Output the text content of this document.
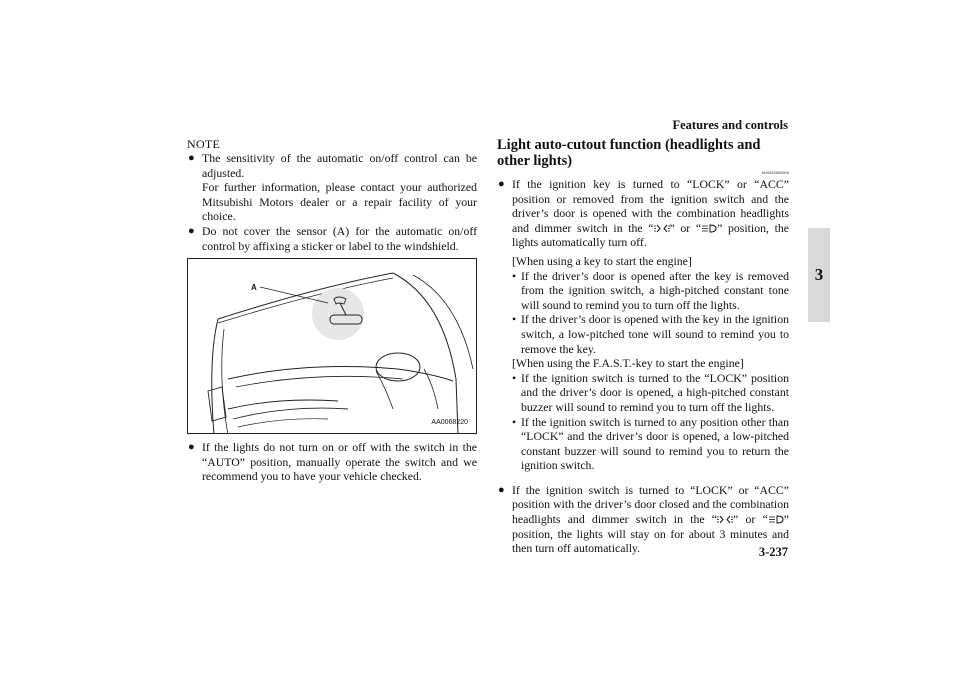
Features and controls
3
NOTE
● The sensitivity of the automatic on/off control can be adjusted.

For further information, please contact your authorized Mitsubishi Motors dealer or a repair facility of your choice.

● Do not cover the sensor (A) for the automatic on/off control by affixing a sticker or label to the windshield.

A
AA0068220
● If the lights do not turn on or off with the switch in the “AUTO” position, manually operate the switch and we recommend you to have your vehicle checked.

Light auto-cutout function (headlights and other lights)

N00532600509
● If the ignition key is turned to “LOCK” or “ACC” position or removed from the ignition switch and the driver’s door is opened with the combination headlights and dimmer switch in the “ ” or “ ” position, the lights automatically turn off.

[When using a key to start the engine]

• If the driver’s door is opened after the key is removed from the ignition switch, a high-pitched constant tone will sound to remind you to turn off the lights.
• If the driver’s door is opened with the key in the ignition switch, a low-pitched tone will sound to remind you to remove the key.

[When using the F.A.S.T.-key to start the engine]

• If the ignition switch is turned to the “LOCK” position and the driver’s door is opened, a high-pitched constant buzzer will sound to remind you to turn off the lights.
• If the ignition switch is turned to any position other than “LOCK” and the driver’s door is opened, a low-pitched constant buzzer will sound to remind you to return the ignition switch.
● If the ignition switch is turned to “LOCK” or “ACC” position with the driver’s door closed and the combination headlights and dimmer switch in the “ ” or “ ” position, the lights will stay on for about 3 minutes and then turn off automatically.	3-237
